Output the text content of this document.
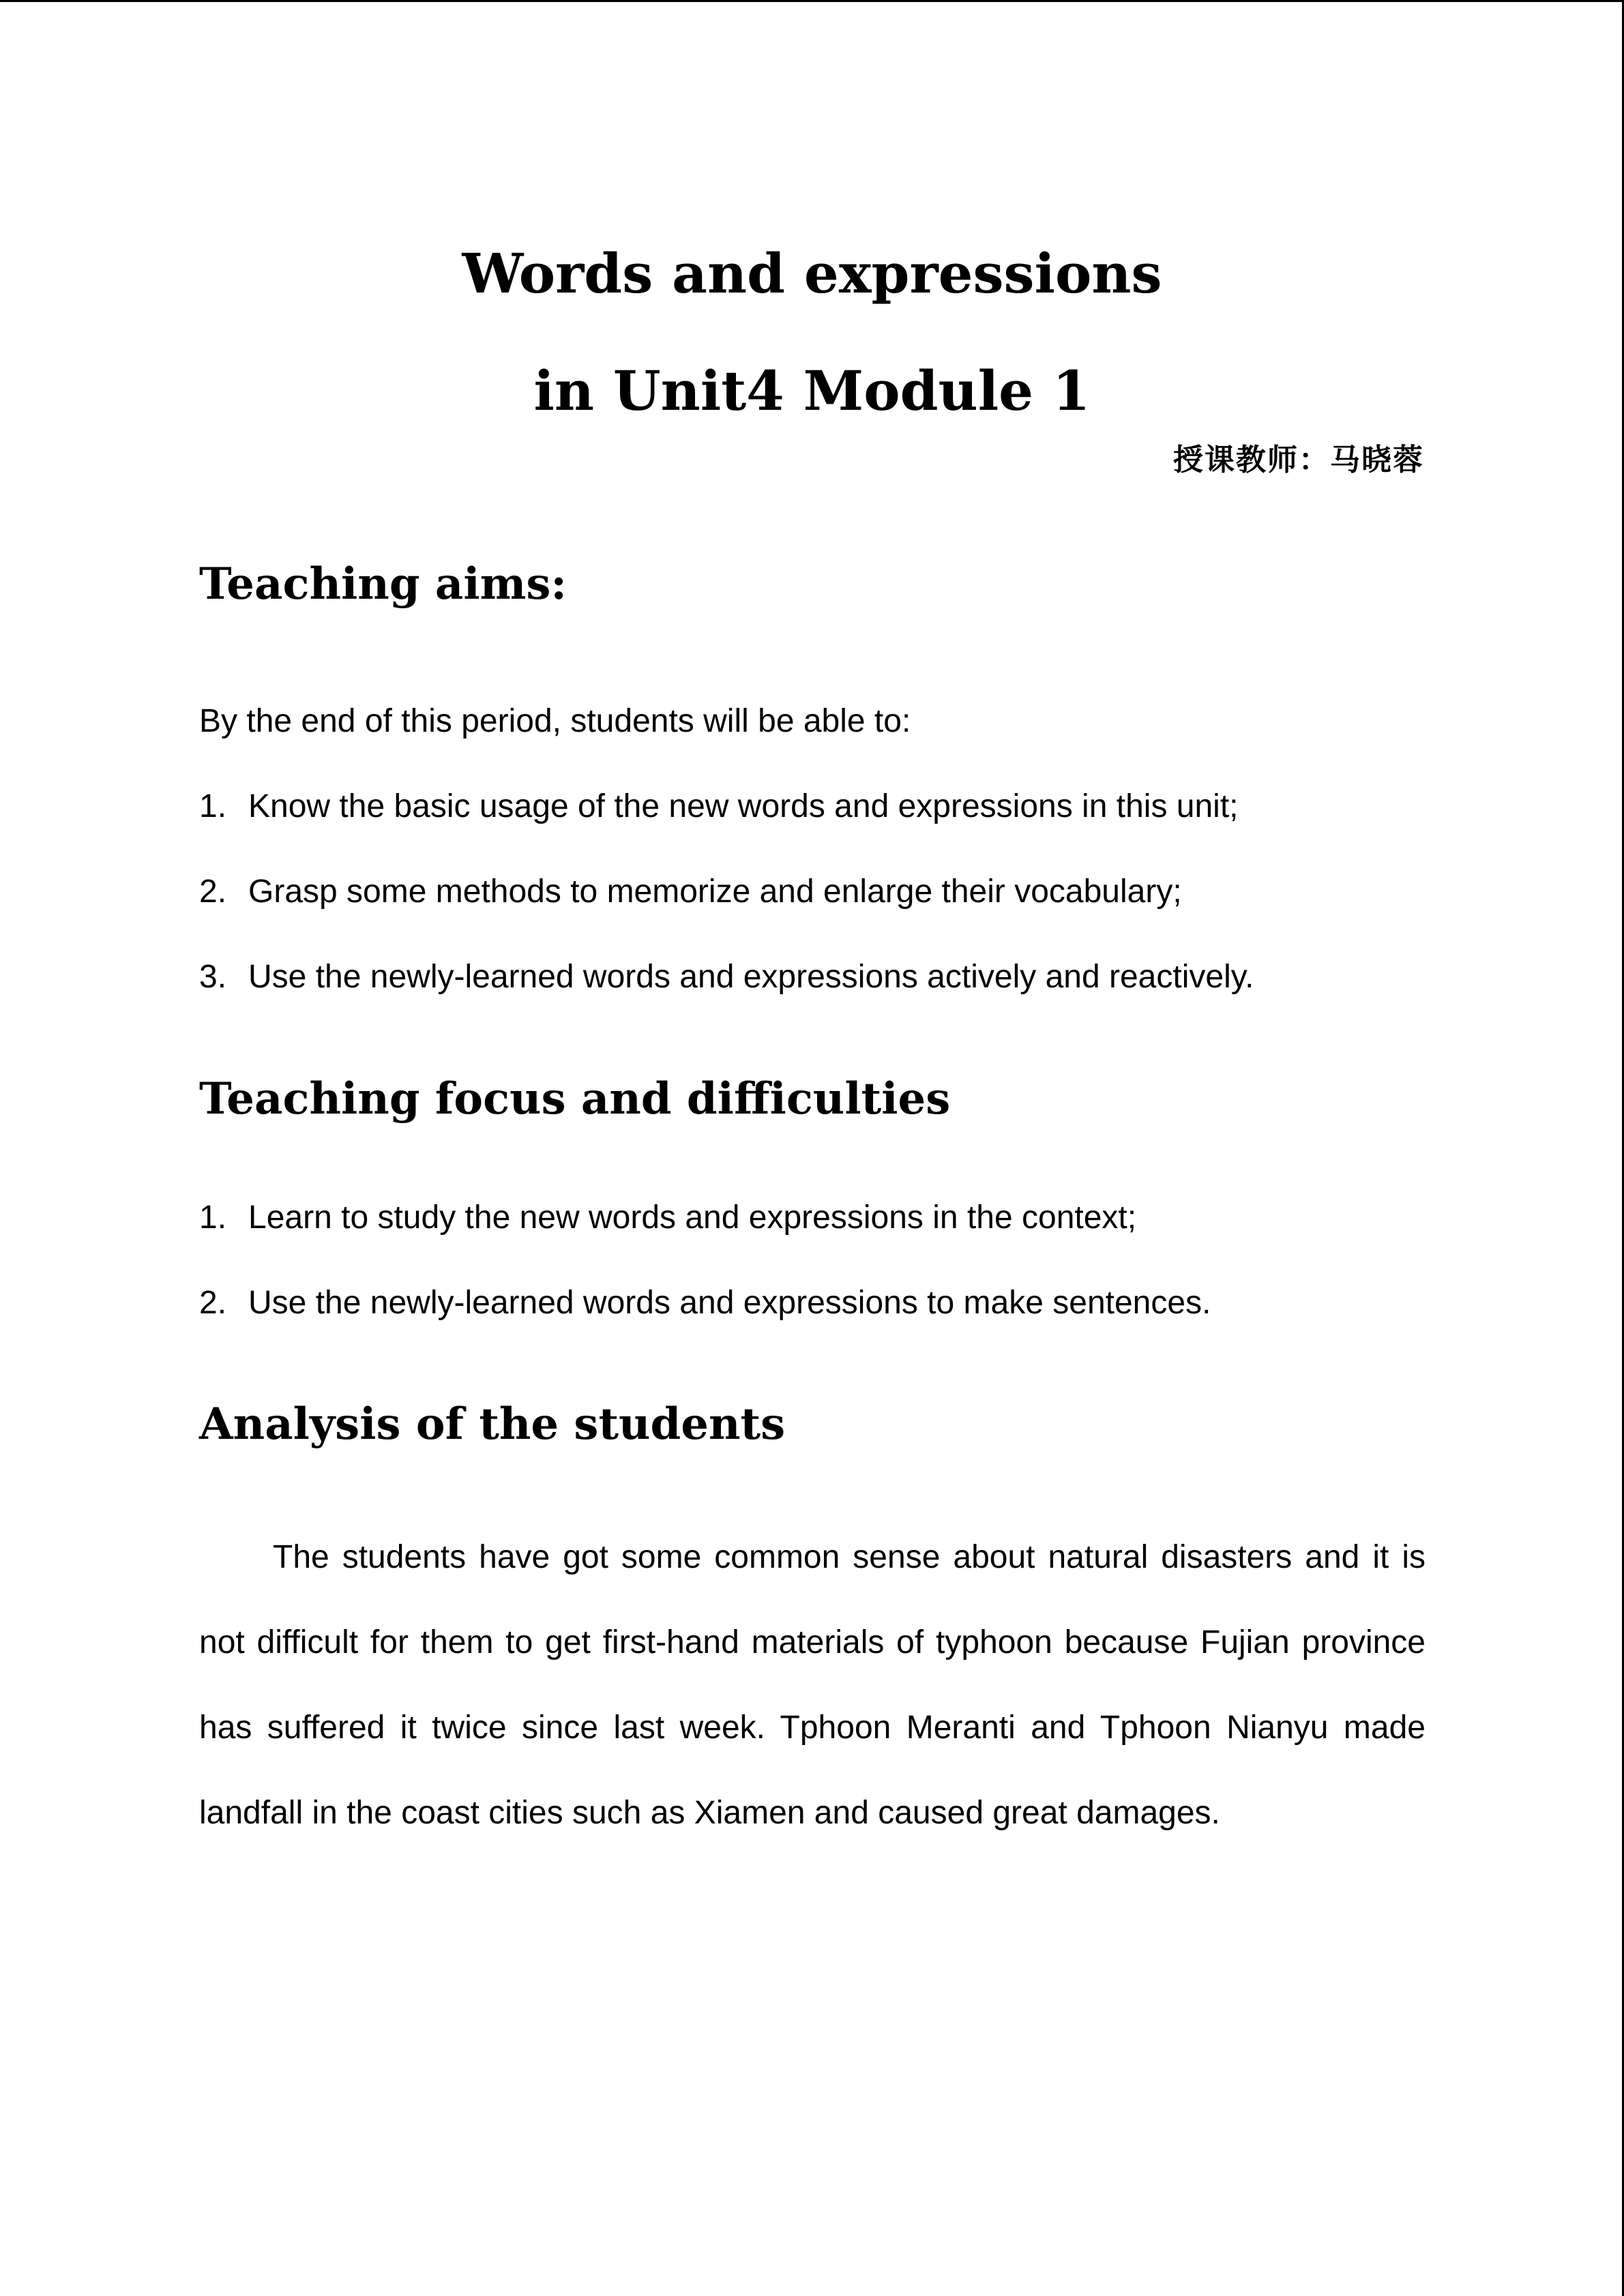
Words and expressions
in Unit4 Module 1

授课教师：马晓蓉

Teaching aims:

By the end of this period, students will be able to:

1. Know the basic usage of the new words and expressions in this unit;

2. Grasp some methods to memorize and enlarge their vocabulary;

3. Use the newly-learned words and expressions actively and reactively.

Teaching focus and difficulties

1. Learn to study the new words and expressions in the context;

2. Use the newly-learned words and expressions to make sentences.

Analysis of the students

The students have got some common sense about natural disasters and it is not difficult for them to get first-hand materials of typhoon because Fujian province has suffered it twice since last week. Tphoon Meranti and Tphoon Nianyu made landfall in the coast cities such as Xiamen and caused great damages.
